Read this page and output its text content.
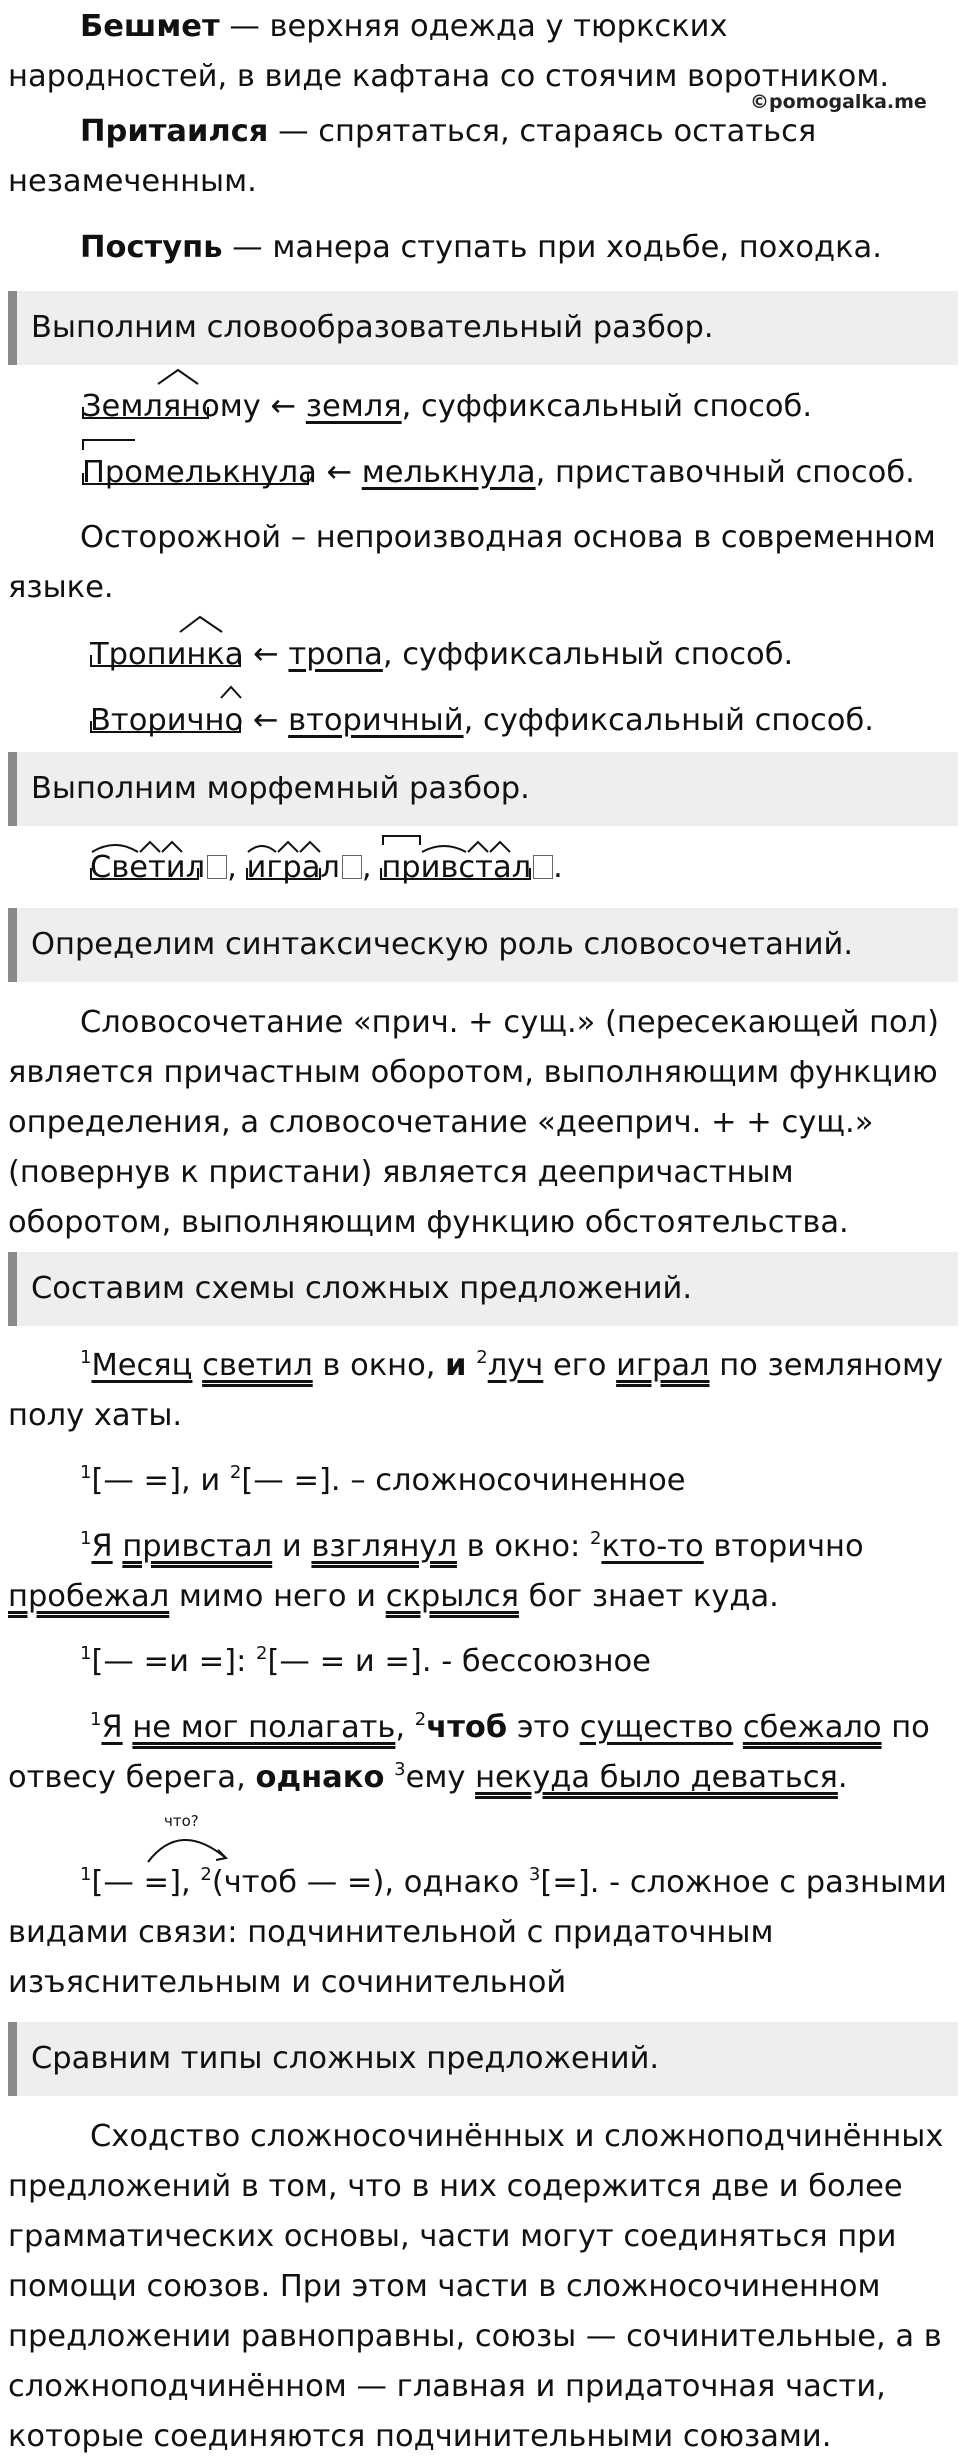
Бешмет — верхняя одежда у тюркских народностей, в виде кафтана со стоячим воротником.

©pomogalka.me

Притаился — спрятаться, стараясь остаться незамеченным.

Поступь — манера ступать при ходьбе, походка.

Выполним словообразовательный разбор.
Земляному ← земля, суффиксальный способ.
Промелькнула ← мелькнула, приставочный способ.

Осторожной – непроизводная основа в современном языке.

Тропинка ← тропа, суффиксальный способ.
Вторично ← вторичный, суффиксальный способ.
Выполним морфемный разбор.
Светил , играл , привстал .
Определим синтаксическую роль словосочетаний.

Словосочетание «прич. + сущ.» (пересекающей пол) является причастным оборотом, выполняющим функцию определения, а словосочетание «дееприч. + + сущ.» (повернув к пристани) является деепричастным оборотом, выполняющим функцию обстоятельства.

Составим схемы сложных предложений.

$^1$Месяц светил в окно, и $^2$луч его играл по земляному полу хаты.

$^1$[— =], и $^2$[— =]. – сложносочиненное

$^1$Я привстал и взглянул в окно: $^2$кто-то вторично пробежал мимо него и скрылся бог знает куда.

$^1$[— =и =]: $^2$[— = и =]. - бессоюзное

$^1$Я не мог полагать, $^2$чтоб это существо сбежало по отвесу берега, однако $^3$ему некуда было деваться.

что?

$^1$[— =], $^2$(чтоб — =), однако $^3$[=]. - сложное с разными видами связи: подчинительной с придаточным изъяснительным и сочинительной

Сравним типы сложных предложений.

Сходство сложносочинённых и сложноподчинённых предложений в том, что в них содержится две и более грамматических основы, части могут соединяться при помощи союзов. При этом части в сложносочиненном предложении равноправны, союзы — сочинительные, а в сложноподчинённом — главная и придаточная части, которые соединяются подчинительными союзами.
